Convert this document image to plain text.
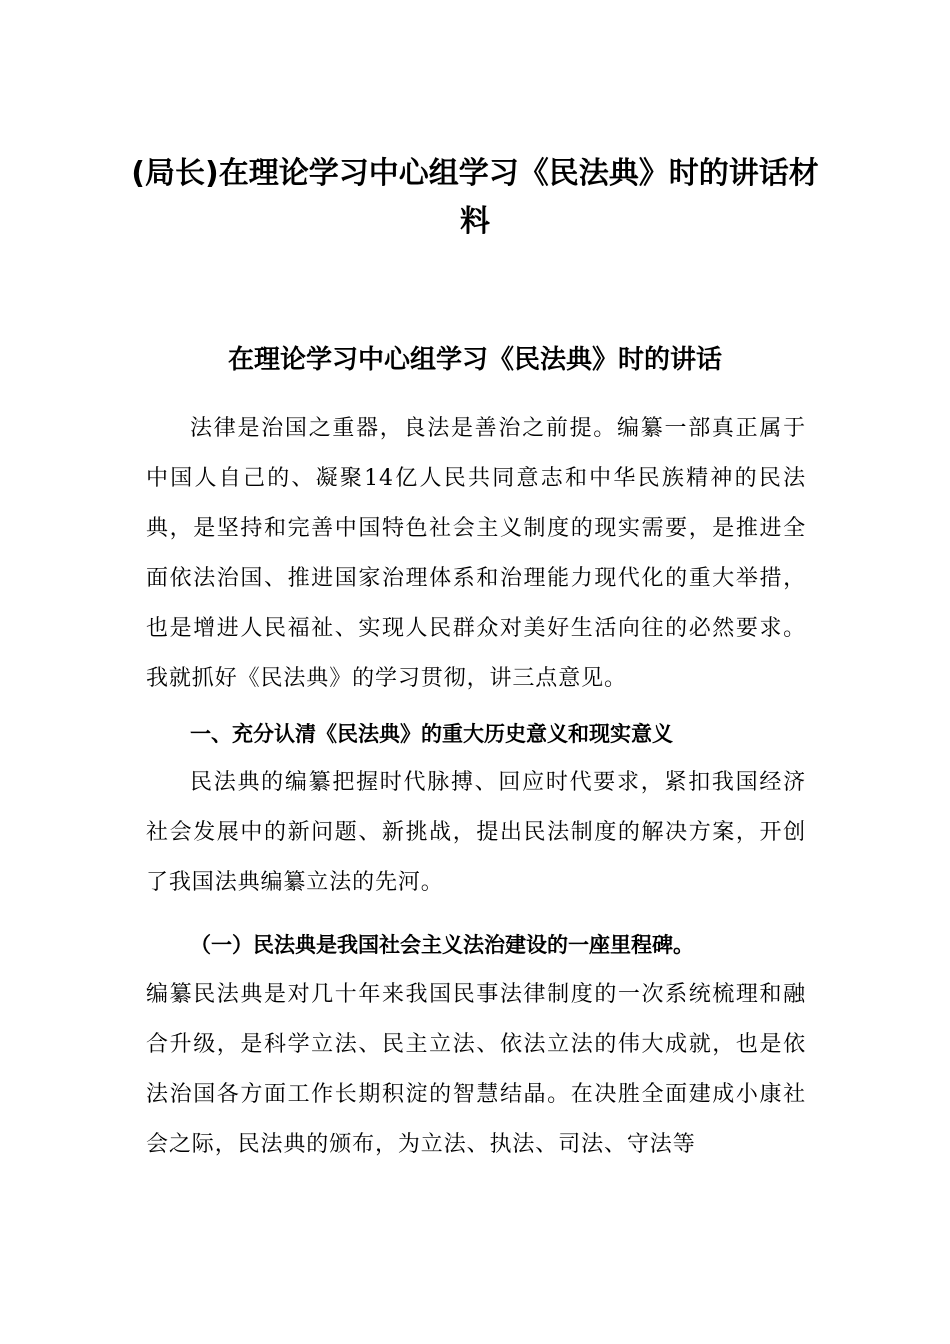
(局长)在理论学习中心组学习《民法典》时的讲话材料
在理论学习中心组学习《民法典》时的讲话

法律是治国之重器，良法是善治之前提。编纂一部真正属于中国人自己的、凝聚14亿人民共同意志和中华民族精神的民法典，是坚持和完善中国特色社会主义制度的现实需要，是推进全面依法治国、推进国家治理体系和治理能力现代化的重大举措，也是增进人民福祉、实现人民群众对美好生活向往的必然要求。我就抓好《民法典》的学习贯彻，讲三点意见。

一、充分认清《民法典》的重大历史意义和现实意义

民法典的编纂把握时代脉搏、回应时代要求，紧扣我国经济社会发展中的新问题、新挑战，提出民法制度的解决方案，开创了我国法典编纂立法的先河。

（一）民法典是我国社会主义法治建设的一座里程碑。

编纂民法典是对几十年来我国民事法律制度的一次系统梳理和融合升级，是科学立法、民主立法、依法立法的伟大成就，也是依法治国各方面工作长期积淀的智慧结晶。在决胜全面建成小康社会之际，民法典的颁布，为立法、执法、司法、守法等
